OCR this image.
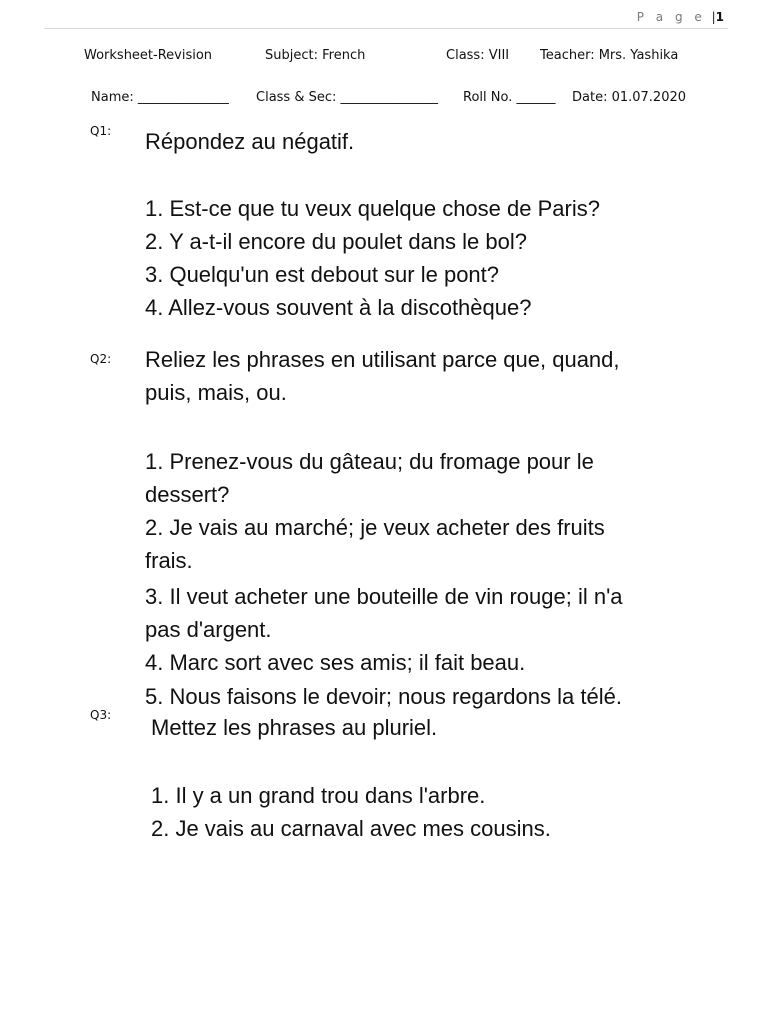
P a g e |1
Worksheet-Revision	Subject: French	Class: VIII Teacher: Mrs. Yashika
Name: ______________ Class & Sec: _______________ Roll No. ______ Date: 01.07.2020
Q1: Répondez au négatif.
1. Est-ce que tu veux quelque chose de Paris?
2. Y a-t-il encore du poulet dans le bol?
3. Quelqu'un est debout sur le pont?
4. Allez-vous souvent à la discothèque?
Q2: Reliez les phrases en utilisant parce que, quand,
puis, mais, ou.
1. Prenez-vous du gâteau; du fromage pour le
dessert?
2. Je vais au marché; je veux acheter des fruits
frais.
3. Il veut acheter une bouteille de vin rouge; il n'a
pas d'argent.
4. Marc sort avec ses amis; il fait beau.
5. Nous faisons le devoir; nous regardons la télé.
Q3: Mettez les phrases au pluriel.
1. Il y a un grand trou dans l'arbre.
2. Je vais au carnaval avec mes cousins.
